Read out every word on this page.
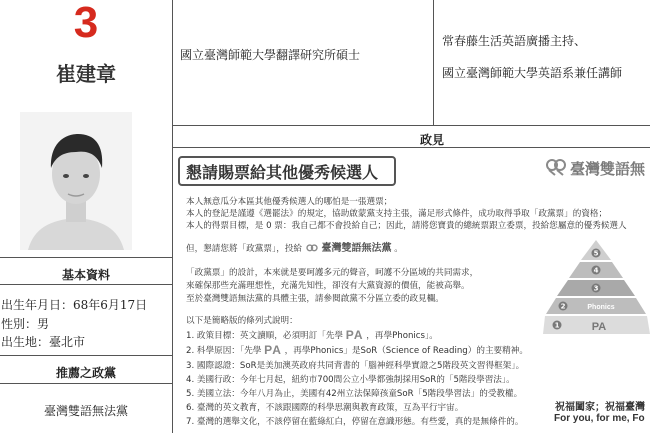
3
崔建章
基本資料
出生年月日：68年6月17日
性別：男
出生地：臺北市
推薦之政黨
臺灣雙語無法黨
國立臺灣師範大學翻譯研究所碩士
常春藤生活英語廣播主持、
國立臺灣師範大學英語系兼任講師
政見
懇請賜票給其他優秀候選人	臺灣雙語無
本人無意瓜分本區其他優秀候選人的哪怕是一張選票；
本人的登記是謹遵《選罷法》的規定，協助啟蒙黨支持主張，滿足形式條件，成功取得爭取「政黨票」的資格；
本人的得票目標，是 0 票：我自己都不會投給自己；因此，請將您寶貴的總統票跟立委票，投給您屬意的優秀候選人
但，懇請您將「政黨票」，投給 臺灣雙語無法黨 。
「政黨票」的設計，本來就是要呵護多元的聲音，呵護不分區域的共同需求，
來確保那些充滿理想性，充滿先知性，卻沒有大黨資源的價值，能被高舉。
至於臺灣雙語無法黨的具體主張，請參閱啟黨不分區立委的政見欄。
以下是簡略版的條列式說明：
1. 政策目標：英文讀順，必須明訂「先學 PA ，再學Phonics」。
2. 科學原因：「先學 PA ，再學Phonics」是SoR（Science of Reading）的主要精神。
3. 國際認證：SoR是美加澳英政府共同背書的「腦神經科學實證之5階段英文習得框架」。
4. 美國行政：今年七月起，紐約市700間公立小學都強制採用SoR的「5階段學習法」。
5. 美國立法：今年八月為止，美國有42州立法保障孩童SoR「5階段學習法」的受教權。
6. 臺灣的英文教育，不該跟國際的科學思潮與教育政策，互為平行宇宙。
7. 臺灣的選舉文化，不該停留在藍綠紅白，停留在意識形態。有些愛，真的是無條件的。
5
4
3
2
1
Phonics
PA
祝福闔家；祝福臺灣
For you, for me, Fo
